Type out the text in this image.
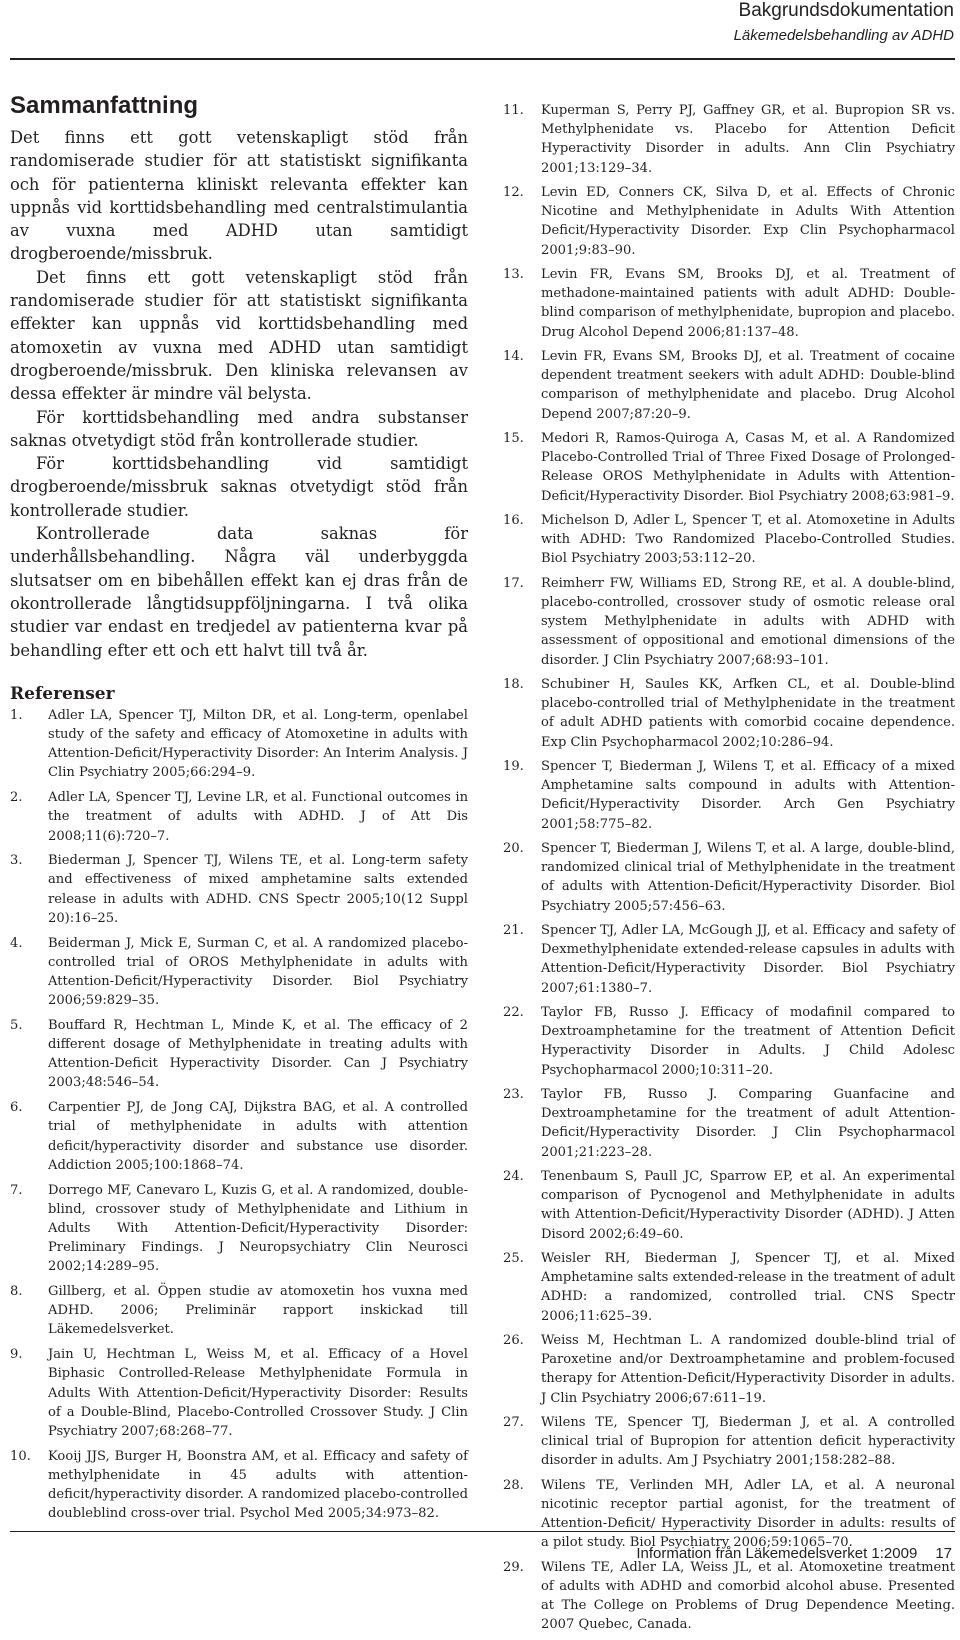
Bakgrundsdokumentation
Läkemedelsbehandling av ADHD
Sammanfattning

Det finns ett gott vetenskapligt stöd från randomiserade studier för att statistiskt signifikanta och för patienterna kliniskt relevanta effekter kan uppnås vid korttidsbehandling med centralstimulantia av vuxna med ADHD utan samtidigt drogberoende/missbruk.

Det finns ett gott vetenskapligt stöd från randomiserade studier för att statistiskt signifikanta effekter kan uppnås vid korttidsbehandling med atomoxetin av vuxna med ADHD utan samtidigt drogberoende/missbruk. Den kliniska relevansen av dessa effekter är mindre väl belysta.

För korttidsbehandling med andra substanser saknas otvetydigt stöd från kontrollerade studier.

För korttidsbehandling vid samtidigt drogberoende/missbruk saknas otvetydigt stöd från kontrollerade studier.

Kontrollerade data saknas för underhållsbehandling. Några väl underbyggda slutsatser om en bibehållen effekt kan ej dras från de okontrollerade långtidsuppföljningarna. I två olika studier var endast en tredjedel av patienterna kvar på behandling efter ett och ett halvt till två år.

Referenser
1. Adler LA, Spencer TJ, Milton DR, et al. Long-term, openlabel study of the safety and efficacy of Atomoxetine in adults with Attention-Deficit/Hyperactivity Disorder: An Interim Analysis. J Clin Psychiatry 2005;66:294–9.
2. Adler LA, Spencer TJ, Levine LR, et al. Functional outcomes in the treatment of adults with ADHD. J of Att Dis 2008;11(6):720–7.
3. Biederman J, Spencer TJ, Wilens TE, et al. Long-term safety and effectiveness of mixed amphetamine salts extended release in adults with ADHD. CNS Spectr 2005;10(12 Suppl 20):16–25.
4. Beiderman J, Mick E, Surman C, et al. A randomized placebo-controlled trial of OROS Methylphenidate in adults with Attention-Deficit/Hyperactivity Disorder. Biol Psychiatry 2006;59:829–35.
5. Bouffard R, Hechtman L, Minde K, et al. The efficacy of 2 different dosage of Methylphenidate in treating adults with Attention-Deficit Hyperactivity Disorder. Can J Psychiatry 2003;48:546–54.
6. Carpentier PJ, de Jong CAJ, Dijkstra BAG, et al. A controlled trial of methylphenidate in adults with attention deficit/hyperactivity disorder and substance use disorder. Addiction 2005;100:1868–74.
7. Dorrego MF, Canevaro L, Kuzis G, et al. A randomized, double-blind, crossover study of Methylphenidate and Lithium in Adults With Attention-Deficit/Hyperactivity Disorder: Preliminary Findings. J Neuropsychiatry Clin Neurosci 2002;14:289–95.
8. Gillberg, et al. Öppen studie av atomoxetin hos vuxna med ADHD. 2006; Preliminär rapport inskickad till Läkemedelsverket.
9. Jain U, Hechtman L, Weiss M, et al. Efficacy of a Hovel Biphasic Controlled-Release Methylphenidate Formula in Adults With Attention-Deficit/Hyperactivity Disorder: Results of a Double-Blind, Placebo-Controlled Crossover Study. J Clin Psychiatry 2007;68:268–77.
10. Kooij JJS, Burger H, Boonstra AM, et al. Efficacy and safety of methylphenidate in 45 adults with attention-deficit/hyperactivity disorder. A randomized placebo-controlled doubleblind cross-over trial. Psychol Med 2005;34:973–82.
11. Kuperman S, Perry PJ, Gaffney GR, et al. Bupropion SR vs. Methylphenidate vs. Placebo for Attention Deficit Hyperactivity Disorder in adults. Ann Clin Psychiatry 2001;13:129–34.
12. Levin ED, Conners CK, Silva D, et al. Effects of Chronic Nicotine and Methylphenidate in Adults With Attention Deficit/Hyperactivity Disorder. Exp Clin Psychopharmacol 2001;9:83–90.
13. Levin FR, Evans SM, Brooks DJ, et al. Treatment of methadone-maintained patients with adult ADHD: Double-blind comparison of methylphenidate, bupropion and placebo. Drug Alcohol Depend 2006;81:137–48.
14. Levin FR, Evans SM, Brooks DJ, et al. Treatment of cocaine dependent treatment seekers with adult ADHD: Double-blind comparison of methylphenidate and placebo. Drug Alcohol Depend 2007;87:20–9.
15. Medori R, Ramos-Quiroga A, Casas M, et al. A Randomized Placebo-Controlled Trial of Three Fixed Dosage of Prolonged-Release OROS Methylphenidate in Adults with Attention-Deficit/Hyperactivity Disorder. Biol Psychiatry 2008;63:981–9.
16. Michelson D, Adler L, Spencer T, et al. Atomoxetine in Adults with ADHD: Two Randomized Placebo-Controlled Studies. Biol Psychiatry 2003;53:112–20.
17. Reimherr FW, Williams ED, Strong RE, et al. A double-blind, placebo-controlled, crossover study of osmotic release oral system Methylphenidate in adults with ADHD with assessment of oppositional and emotional dimensions of the disorder. J Clin Psychiatry 2007;68:93–101.
18. Schubiner H, Saules KK, Arfken CL, et al. Double-blind placebo-controlled trial of Methylphenidate in the treatment of adult ADHD patients with comorbid cocaine dependence. Exp Clin Psychopharmacol 2002;10:286–94.
19. Spencer T, Biederman J, Wilens T, et al. Efficacy of a mixed Amphetamine salts compound in adults with Attention-Deficit/Hyperactivity Disorder. Arch Gen Psychiatry 2001;58:775–82.
20. Spencer T, Biederman J, Wilens T, et al. A large, double-blind, randomized clinical trial of Methylphenidate in the treatment of adults with Attention-Deficit/Hyperactivity Disorder. Biol Psychiatry 2005;57:456–63.
21. Spencer TJ, Adler LA, McGough JJ, et al. Efficacy and safety of Dexmethylphenidate extended-release capsules in adults with Attention-Deficit/Hyperactivity Disorder. Biol Psychiatry 2007;61:1380–7.
22. Taylor FB, Russo J. Efficacy of modafinil compared to Dextroamphetamine for the treatment of Attention Deficit Hyperactivity Disorder in Adults. J Child Adolesc Psychopharmacol 2000;10:311–20.
23. Taylor FB, Russo J. Comparing Guanfacine and Dextroamphetamine for the treatment of adult Attention-Deficit/Hyperactivity Disorder. J Clin Psychopharmacol 2001;21:223–28.
24. Tenenbaum S, Paull JC, Sparrow EP, et al. An experimental comparison of Pycnogenol and Methylphenidate in adults with Attention-Deficit/Hyperactivity Disorder (ADHD). J Atten Disord 2002;6:49–60.
25. Weisler RH, Biederman J, Spencer TJ, et al. Mixed Amphetamine salts extended-release in the treatment of adult ADHD: a randomized, controlled trial. CNS Spectr 2006;11:625–39.
26. Weiss M, Hechtman L. A randomized double-blind trial of Paroxetine and/or Dextroamphetamine and problem-focused therapy for Attention-Deficit/Hyperactivity Disorder in adults. J Clin Psychiatry 2006;67:611–19.
27. Wilens TE, Spencer TJ, Biederman J, et al. A controlled clinical trial of Bupropion for attention deficit hyperactivity disorder in adults. Am J Psychiatry 2001;158:282–88.
28. Wilens TE, Verlinden MH, Adler LA, et al. A neuronal nicotinic receptor partial agonist, for the treatment of Attention-Deficit/ Hyperactivity Disorder in adults: results of a pilot study. Biol Psychiatry 2006;59:1065–70.
29. Wilens TE, Adler LA, Weiss JL, et al. Atomoxetine treatment of adults with ADHD and comorbid alcohol abuse. Presented at The College on Problems of Drug Dependence Meeting. 2007 Quebec, Canada.
Information från Läkemedelsverket 1:2009 17
